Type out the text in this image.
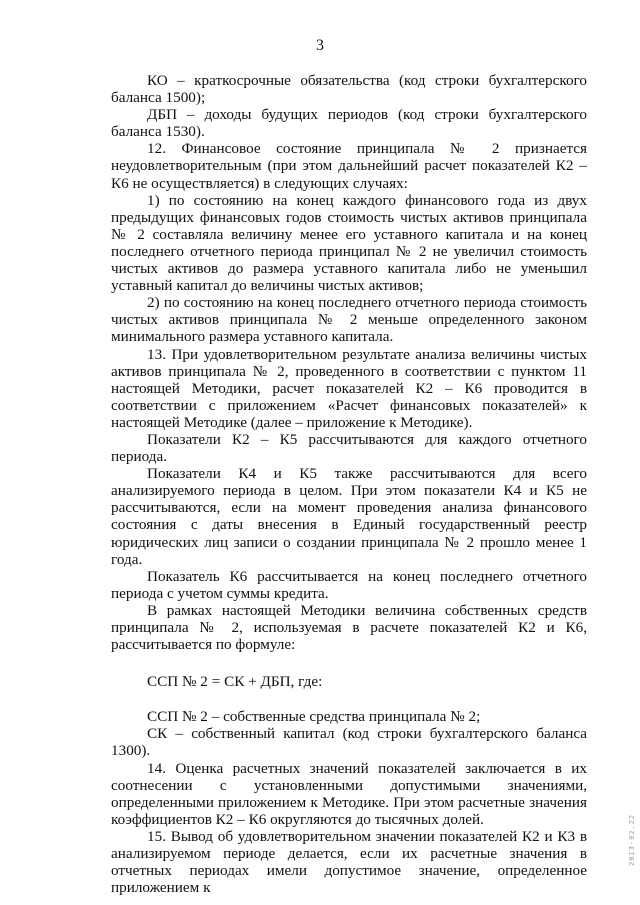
3

КО – краткосрочные обязательства (код строки бухгалтерского баланса 1500);

ДБП – доходы будущих периодов (код строки бухгалтерского баланса 1530).

12. Финансовое состояние принципала № 2 признается неудовлетворительным (при этом дальнейший расчет показателей К2 – К6 не осуществляется) в следующих случаях:

1) по состоянию на конец каждого финансового года из двух предыдущих финансовых годов стоимость чистых активов принципала № 2 составляла величину менее его уставного капитала и на конец последнего отчетного периода принципал № 2 не увеличил стоимость чистых активов до размера уставного капитала либо не уменьшил уставный капитал до величины чистых активов;

2) по состоянию на конец последнего отчетного периода стоимость чистых активов принципала № 2 меньше определенного законом минимального размера уставного капитала.

13. При удовлетворительном результате анализа величины чистых активов принципала № 2, проведенного в соответствии с пунктом 11 настоящей Методики, расчет показателей К2 – К6 проводится в соответствии с приложением «Расчет финансовых показателей» к настоящей Методике (далее – приложение к Методике).

Показатели К2 – К5 рассчитываются для каждого отчетного периода.

Показатели К4 и К5 также рассчитываются для всего анализируемого периода в целом. При этом показатели К4 и К5 не рассчитываются, если на момент проведения анализа финансового состояния с даты внесения в Единый государственный реестр юридических лиц записи о создании принципала № 2 прошло менее 1 года.

Показатель К6 рассчитывается на конец последнего отчетного периода с учетом суммы кредита.

В рамках настоящей Методики величина собственных средств принципала № 2, используемая в расчете показателей К2 и К6, рассчитывается по формуле:

ССП № 2 = СК + ДБП, где:

ССП № 2 – собственные средства принципала № 2;

СК – собственный капитал (код строки бухгалтерского баланса 1300).

14. Оценка расчетных значений показателей заключается в их соотнесении с установленными допустимыми значениями, определенными приложением к Методике. При этом расчетные значения коэффициентов К2 – К6 округляются до тысячных долей.

15. Вывод об удовлетворительном значении показателей К2 и К3 в анализируемом периоде делается, если их расчетные значения в отчетных периодах имели допустимое значение, определенное приложением к

2013-02.22
